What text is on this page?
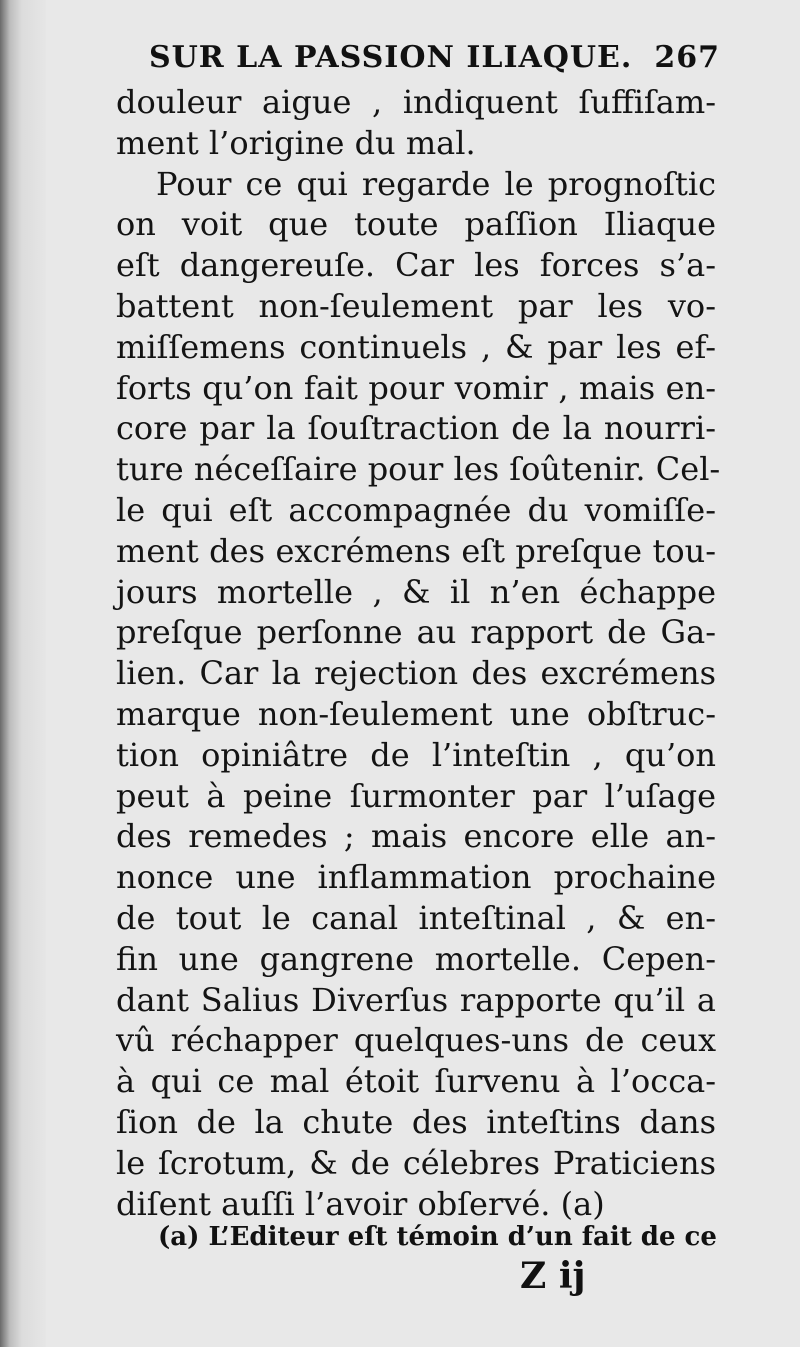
SUR LA PASSION ILIAQUE. 267
douleur aigue , indiquent ſuffiſam-
ment l’origine du mal.
Pour ce qui regarde le prognoſtic
on voit que toute paſſion Iliaque
eſt dangereuſe. Car les forces s’a-
battent non-ſeulement par les vo-
miſſemens continuels , & par les ef-
forts qu’on fait pour vomir , mais en-
core par la ſouſtraction de la nourri-
ture néceſſaire pour les ſoûtenir. Cel-
le qui eſt accompagnée du vomiſſe-
ment des excrémens eſt preſque tou-
jours mortelle , & il n’en échappe
preſque perſonne au rapport de Ga-
lien. Car la rejection des excrémens
marque non-ſeulement une obſtruc-
tion opiniâtre de l’inteſtin , qu’on
peut à peine ſurmonter par l’uſage
des remedes ; mais encore elle an-
nonce une inflammation prochaine
de tout le canal inteſtinal , & en-
fin une gangrene mortelle. Cepen-
dant Salius Diverſus rapporte qu’il a
vû réchapper quelques-uns de ceux
à qui ce mal étoit ſurvenu à l’occa-
ſion de la chute des inteſtins dans
le ſcrotum, & de célebres Praticiens
diſent auſſi l’avoir obſervé. (a)
(a) L’Editeur eſt témoin d’un fait de ce
Z ij
